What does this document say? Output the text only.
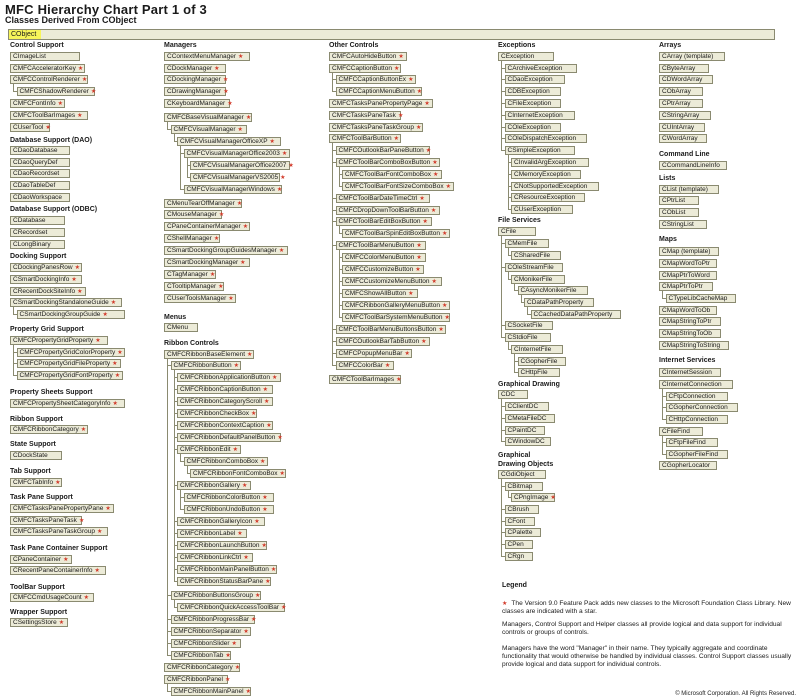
MFC Hierarchy Chart Part 1 of 3
Classes Derived From CObject
CObject
Control Support
CImageList
CMFCAcceleratorKey ★
CMFCControlRenderer ★
CMFCShadowRenderer ★
CMFCFontInfo ★
CMFCToolBarImages ★
CUserTool ★
Database Support (DAO)
CDaoDatabase
CDaoQueryDef
CDaoRecordset
CDaoTableDef
CDaoWorkspace
Database Support (ODBC)
CDatabase
CRecordset
CLongBinary
Docking Support
CDockingPanesRow ★
CSmartDockingInfo ★
CRecentDockSiteInfo ★
CSmartDockingStandaloneGuide ★
CSmartDockingGroupGuide ★
Property Grid Support
CMFCPropertyGridProperty ★
CMFCPropertyGridColorProperty ★
CMFCPropertyGridFileProperty ★
CMFCPropertyGridFontProperty ★
Property Sheets Support
CMFCPropertySheetCategoryInfo ★
Ribbon Support
CMFCRibbonCategory ★
State Support
CDockState
Tab Support
CMFCTabInfo ★
Task Pane Support
CMFCTasksPanePropertyPane ★
CMFCTasksPaneTask ★
CMFCTasksPaneTaskGroup ★
Task Pane Container Support
CPaneContainer ★
CRecentPaneContainerInfo ★
ToolBar Support
CMFCCmdUsageCount ★
Wrapper Support
CSettingsStore ★
Managers
CContextMenuManager ★
CDockManager ★
CDockingManager ★
CDrawingManager ★
CKeyboardManager ★
CMFCBaseVisualManager ★
CMFCVisualManager ★
CMFCVisualManagerOfficeXP ★
CMFCVisualManagerOffice2003 ★
CMFCVisualManagerOffice2007 ★
CMFCVisualManagerVS2005 ★
CMFCVisualManagerWindows ★
CMenuTearOffManager ★
CMouseManager ★
CPaneContainerManager ★
CShellManager ★
CSmartDockingGroupGuidesManager ★
CSmartDockingManager ★
CTagManager ★
CTooltipManager ★
CUserToolsManager ★
Menus
CMenu
Ribbon Controls
CMFCRibbonBaseElement ★
CMFCRibbonButton ★
CMFCRibbonApplicationButton ★
CMFCRibbonCaptionButton ★
CMFCRibbonCategoryScroll ★
CMFCRibbonCheckBox ★
CMFCRibbonContextCaption ★
CMFCRibbonDefaultPanelButton ★
CMFCRibbonEdit ★
CMFCRibbonComboBox ★
CMFCRibbonFontComboBox ★
CMFCRibbonGallery ★
CMFCRibbonColorButton ★
CMFCRibbonUndoButton ★
CMFCRibbonGalleryIcon ★
CMFCRibbonLabel ★
CMFCRibbonLaunchButton ★
CMFCRibbonLinkCtrl ★
CMFCRibbonMainPanelButton ★
CMFCRibbonStatusBarPane ★
CMFCRibbonButtonsGroup ★
CMFCRibbonQuickAccessToolBar ★
CMFCRibbonProgressBar ★
CMFCRibbonSeparator ★
CMFCRibbonSlider ★
CMFCRibbonTab ★
CMFCRibbonCategory ★
CMFCRibbonPanel ★
CMFCRibbonMainPanel ★
Other Controls
CMFCAutoHideButton ★
CMFCCaptionButton ★
CMFCCaptionButtonEx ★
CMFCCaptionMenuButton ★
CMFCTasksPanePropertyPage ★
CMFCTasksPaneTask ★
CMFCTasksPaneTaskGroup ★
CMFCToolBarButton ★
CMFCOutlookBarPaneButton ★
CMFCToolBarComboBoxButton ★
CMFCToolBarFontComboBox ★
CMFCToolBarFontSizeComboBox ★
CMFCToolBarDateTimeCtrl ★
CMFCDropDownToolBarButton ★
CMFCToolBarEditBoxButton ★
CMFCToolBarSpinEditBoxButton ★
CMFCToolBarMenuButton ★
CMFCColorMenuButton ★
CMFCCustomizeButton ★
CMFCCustomizeMenuButton ★
CMFCShowAllButton ★
CMFCRibbonGalleryMenuButton ★
CMFCToolBarSystemMenuButton ★
CMFCToolBarMenuButtonsButton ★
CMFCOutlookBarTabButton ★
CMFCPopupMenuBar ★
CMFCColorBar ★
CMFCToolBarImages ★
Exceptions
CException
CArchiveException
CDaoException
CDBException
CFileException
CInternetException
COleException
COleDispatchException
CSimpleException
CInvalidArgException
CMemoryException
CNotSupportedException
CResourceException
CUserException
File Services
CFile
CMemFile
CSharedFile
COleStreamFile
CMonikerFile
CAsyncMonikerFile
CDataPathProperty
CCachedDataPathProperty
CSocketFile
CStdioFile
CInternetFile
CGopherFile
CHttpFile
Graphical Drawing
CDC
CClientDC
CMetaFileDC
CPaintDC
CWindowDC
Graphical
Drawing Objects
CGdiObject
CBitmap
CPngImage ★
CBrush
CFont
CPalette
CPen
CRgn
Arrays
CArray (template)
CByteArray
CDWordArray
CObArray
CPtrArray
CStringArray
CUIntArray
CWordArray
Command Line
CCommandLineInfo
Lists
CList (template)
CPtrList
CObList
CStringList
Maps
CMap (template)
CMapWordToPtr
CMapPtrToWord
CMapPtrToPtr
CTypeLibCacheMap
CMapWordToOb
CMapStringToPtr
CMapStringToOb
CMapStringToString
Internet Services
CInternetSession
CInternetConnection
CFtpConnection
CGopherConnection
CHttpConnection
CFileFind
CFtpFileFind
CGopherFileFind
CGopherLocator
Legend

★ The Version 9.0 Feature Pack adds new classes to the Microsoft Foundation Class Library. New classes are indicated with a star.

Managers, Control Support and Helper classes all provide logical and data support for individual controls or groups of controls.

Managers have the word "Manager" in their name. They typically aggregate and coordinate functionality that would otherwise be handled by individual classes. Control Support classes usually provide logical and data support for individual controls.

© Microsoft Corporation. All Rights Reserved.
